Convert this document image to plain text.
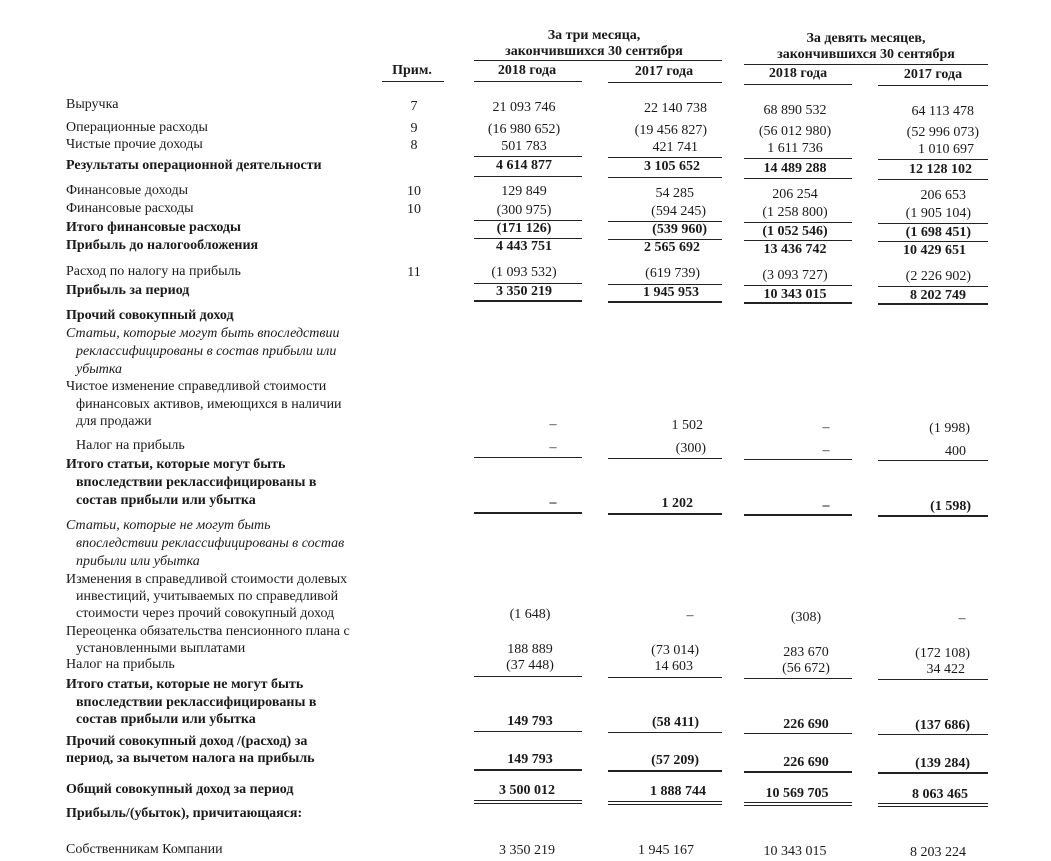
За три месяца,
закончившихся 30 сентября
За девять месяцев,
закончившихся 30 сентября
Прим.	2018 года	2017 года	2018 года	2017 года
Выручка	7	21 093 746	22 140 738	68 890 532	64 113 478
Операционные расходы	9	(16 980 652)	(19 456 827)	(56 012 980)	(52 996 073)
Чистые прочие доходы	8	501 783	421 741	1 611 736	1 010 697
Результаты операционной деятельности	4 614 877	3 105 652	14 489 288	12 128 102
Финансовые доходы	10	129 849	54 285	206 254	206 653
Финансовые расходы	10	(300 975)	(594 245)	(1 258 800)	(1 905 104)
Итого финансовые расходы	(171 126)	(539 960)	(1 052 546)	(1 698 451)
Прибыль до налогообложения	4 443 751	2 565 692	13 436 742	10 429 651
Расход по налогу на прибыль	11	(1 093 532)	(619 739)	(3 093 727)	(2 226 902)
Прибыль за период	3 350 219	1 945 953	10 343 015	8 202 749
Прочий совокупный доход
Статьи, которые могут быть впоследствии
реклассифицированы в состав прибыли или
убытка
Чистое изменение справедливой стоимости
финансовых активов, имеющихся в наличии
для продажи	–	1 502	–	(1 998)
Налог на прибыль	–	(300)	–	400
Итого статьи, которые могут быть
впоследствии реклассифицированы в
состав прибыли или убытка	–	1 202	–	(1 598)
Статьи, которые не могут быть
впоследствии реклассифицированы в состав
прибыли или убытка
Изменения в справедливой стоимости долевых
инвестиций, учитываемых по справедливой
стоимости через прочий совокупный доход	(1 648)	–	(308)	–
Переоценка обязательства пенсионного плана с
установленными выплатами	188 889	(73 014)	283 670	(172 108)
Налог на прибыль	(37 448)	14 603	(56 672)	34 422
Итого статьи, которые не могут быть
впоследствии реклассифицированы в
состав прибыли или убытка	149 793	(58 411)	226 690	(137 686)
Прочий совокупный доход /(расход) за
период, за вычетом налога на прибыль	149 793	(57 209)	226 690	(139 284)
Общий совокупный доход за период	3 500 012	1 888 744	10 569 705	8 063 465
Прибыль/(убыток), причитающаяся:
Собственникам Компании	3 350 219	1 945 167	10 343 015	8 203 224
